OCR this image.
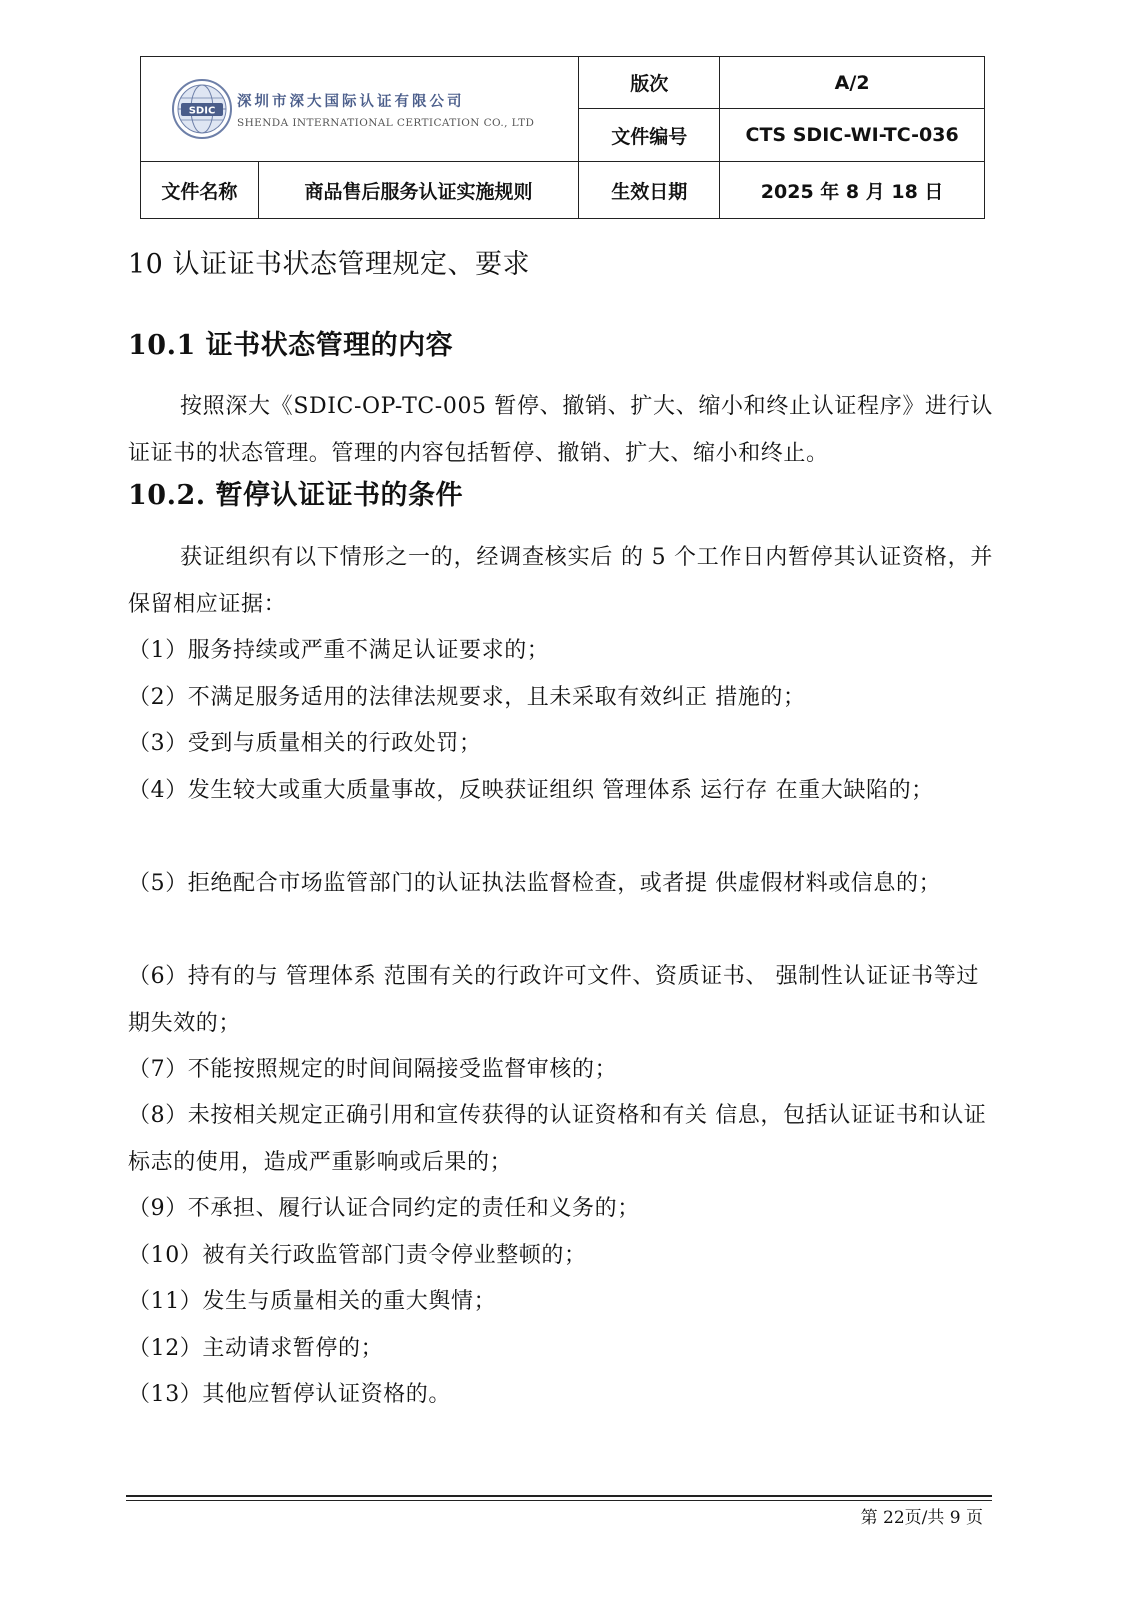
SDIC
深圳市深大国际认证有限公司
SHENDA INTERNATIONAL CERTICATION CO., LTD		版次	A/2
		文件编号	CTS SDIC-WI-TC-036
文件名称	商品售后服务认证实施规则	生效日期	2025 年 8 月 18 日
10 认证证书状态管理规定、要求
10.1 证书状态管理的内容

按照深大《SDIC-OP-TC-005 暂停、撤销、扩大、缩小和终止认证程序》进行认证证书的状态管理。管理的内容包括暂停、撤销、扩大、缩小和终止。

10.2. 暂停认证证书的条件

获证组织有以下情形之一的，经调查核实后 的 5 个工作日内暂停其认证资格，并保留相应证据：

（1）服务持续或严重不满足认证要求的；

（2）不满足服务适用的法律法规要求，且未采取有效纠正 措施的；

（3）受到与质量相关的行政处罚；

（4）发生较大或重大质量事故，反映获证组织 管理体系 运行存 在重大缺陷的；

（5）拒绝配合市场监管部门的认证执法监督检查，或者提 供虚假材料或信息的；

（6）持有的与 管理体系 范围有关的行政许可文件、资质证书、 强制性认证证书等过期失效的；

（7）不能按照规定的时间间隔接受监督审核的；

（8）未按相关规定正确引用和宣传获得的认证资格和有关 信息，包括认证证书和认证标志的使用，造成严重影响或后果的；

（9）不承担、履行认证合同约定的责任和义务的；

（10）被有关行政监管部门责令停业整顿的；

（11）发生与质量相关的重大舆情；

（12）主动请求暂停的；

（13）其他应暂停认证资格的。

第 22页/共 9 页
